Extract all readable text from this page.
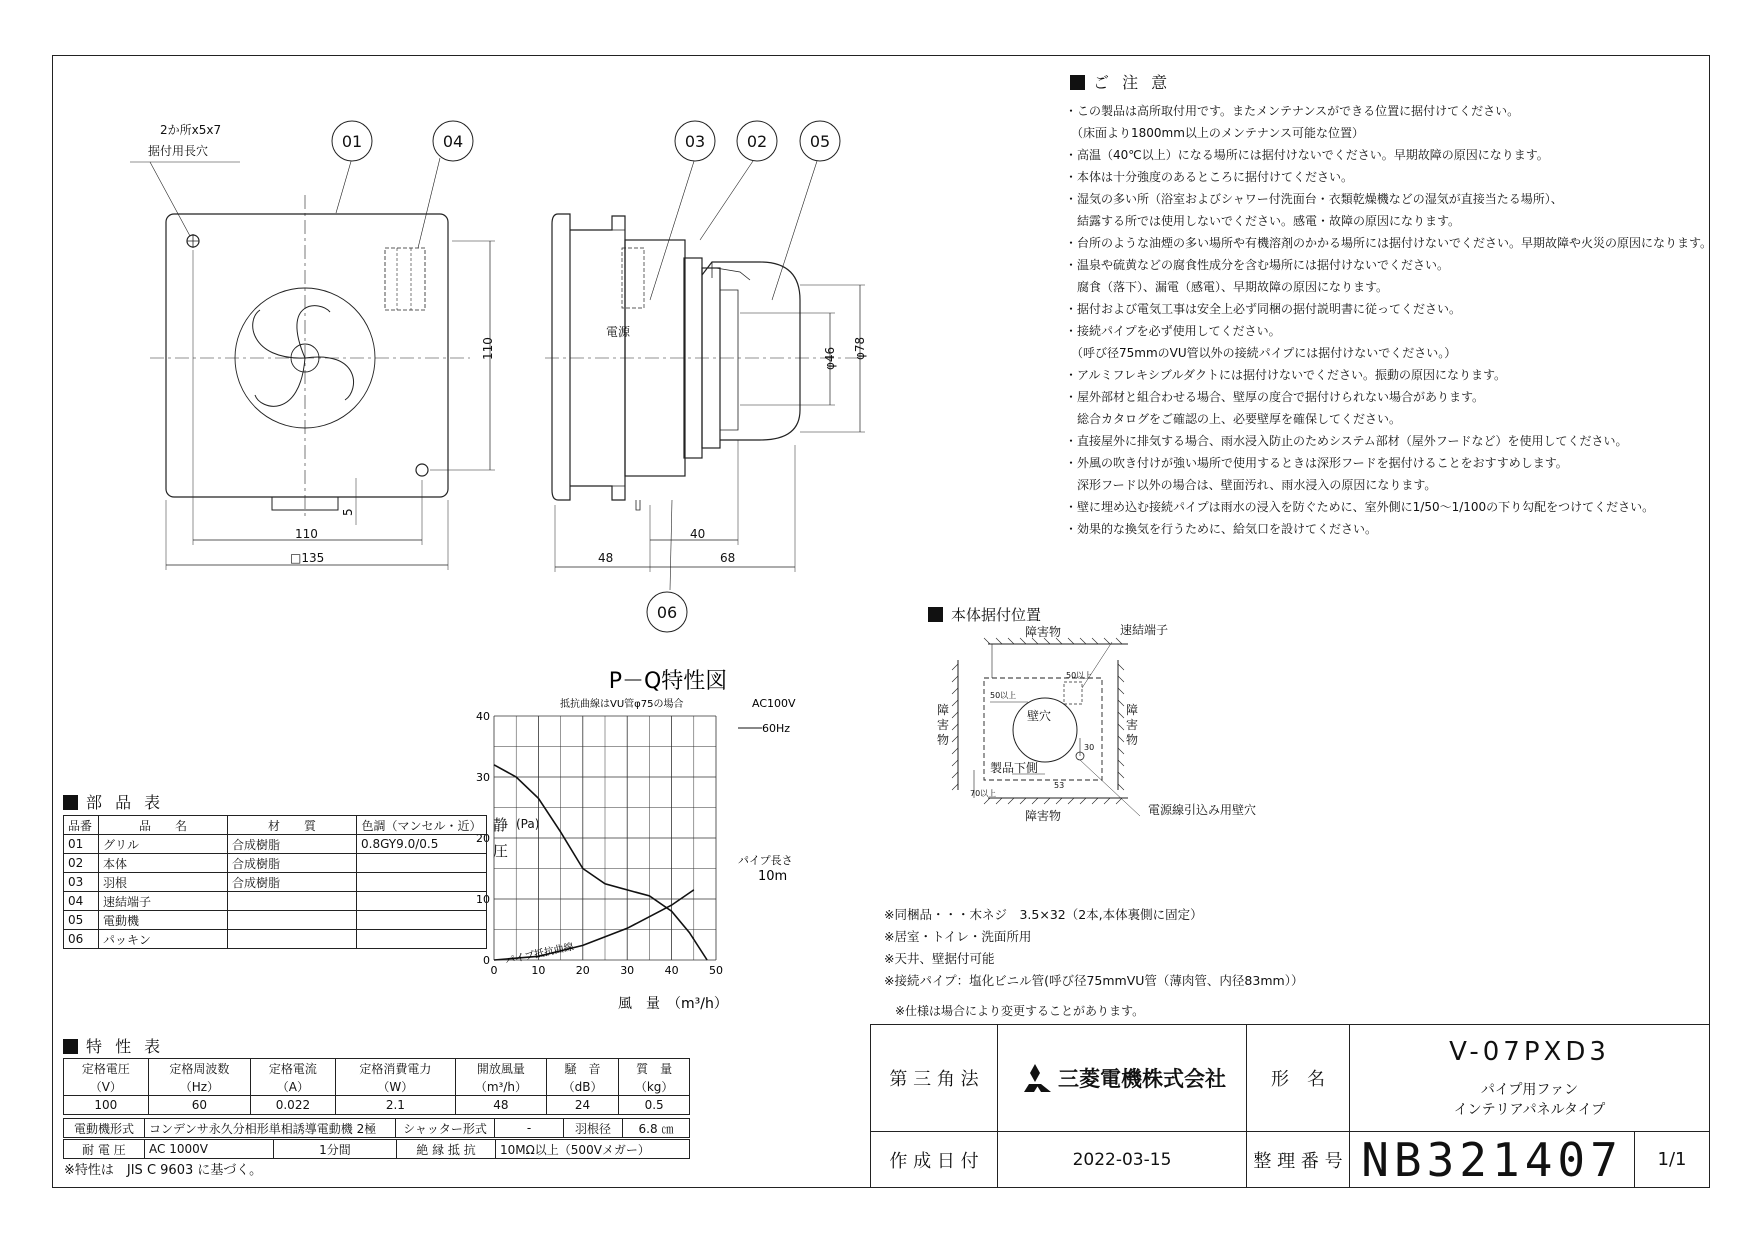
01	04	03	02	05
06
2か所x5x7
据付用長穴
110
110
5
□135
40
48	68
φ46 φ78
電源
ご 注 意
・この製品は高所取付用です。またメンテナンスができる位置に据付けてください。
　（床面より1800mm以上のメンテナンス可能な位置）
・高温（40℃以上）になる場所には据付けないでください。早期故障の原因になります。
・本体は十分強度のあるところに据付けてください。
・湿気の多い所（浴室およびシャワー付洗面台・衣類乾燥機などの湿気が直接当たる場所）、
　結露する所では使用しないでください。感電・故障の原因になります。
・台所のような油煙の多い場所や有機溶剤のかかる場所には据付けないでください。早期故障や火災の原因になります。
・温泉や硫黄などの腐食性成分を含む場所には据付けないでください。
　腐食（落下）、漏電（感電）、早期故障の原因になります。
・据付および電気工事は安全上必ず同梱の据付説明書に従ってください。
・接続パイプを必ず使用してください。
　（呼び径75mmのVU管以外の接続パイプには据付けないでください。）
・アルミフレキシブルダクトには据付けないでください。振動の原因になります。
・屋外部材と組合わせる場合、壁厚の度合で据付けられない場合があります。
　総合カタログをご確認の上、必要壁厚を確保してください。
・直接屋外に排気する場合、雨水浸入防止のためシステム部材（屋外フードなど）を使用してください。
・外風の吹き付けが強い場所で使用するときは深形フードを据付けることをおすすめします。
　深形フード以外の場合は、壁面汚れ、雨水浸入の原因になります。
・壁に埋め込む接続パイプは雨水の浸入を防ぐために、室外側に1/50～1/100の下り勾配をつけてください。
・効果的な換気を行うために、給気口を設けてください。
本体据付位置
障害物
障害物
速結端子
壁穴
製品下側
電源線引込み用壁穴
50以上
50以上
70以上
30
53
障害物
障害物
※同梱品・・・木ネジ　3.5×32（2本,本体裏側に固定）
※居室・トイレ・洗面所用
※天井、壁据付可能
※接続パイプ：塩化ビニル管(呼び径75mmVU管（薄肉管、内径83mm））
※仕様は場合により変更することがあります。
P－Q特性図
抵抗曲線はVU管φ75の場合	AC100V
0	10	20	30	40	50
0
10
20
30
40
60Hz
パイプ長さ
10m
パイプ抵抗曲線
風　量　（m³/h）
静圧
(Pa)
部 品 表
品番	品　　名	材　　質	色調（マンセル・近）
01	グリル	合成樹脂	0.8GY9.0/0.5
02	本体	合成樹脂	
03	羽根	合成樹脂	
04	速結端子		
05	電動機		
06	パッキン		
特 性 表
定格電圧	定格周波数	定格電流	定格消費電力	開放風量	騒　音	質　量
（V）	（Hz）	（A）	（W）	（m³/h）	（dB）	（kg）
100	60	0.022	2.1	48	24	0.5
電動機形式	コンデンサ永久分相形単相誘導電動機 2極	シャッター形式	-	羽根径	6.8 ㎝
耐 電 圧	AC 1000V	1分間	絶 縁 抵 抗	10MΩ以上（500Vメガー）
※特性は　JIS C 9603 に基づく。
第 三 角 法	三菱電機株式会社	形　名
V-07PXD3
パイプ用ファン
インテリアパネルタイプ
作 成 日 付	2022-03-15	整 理 番 号 NB321407	1/1
